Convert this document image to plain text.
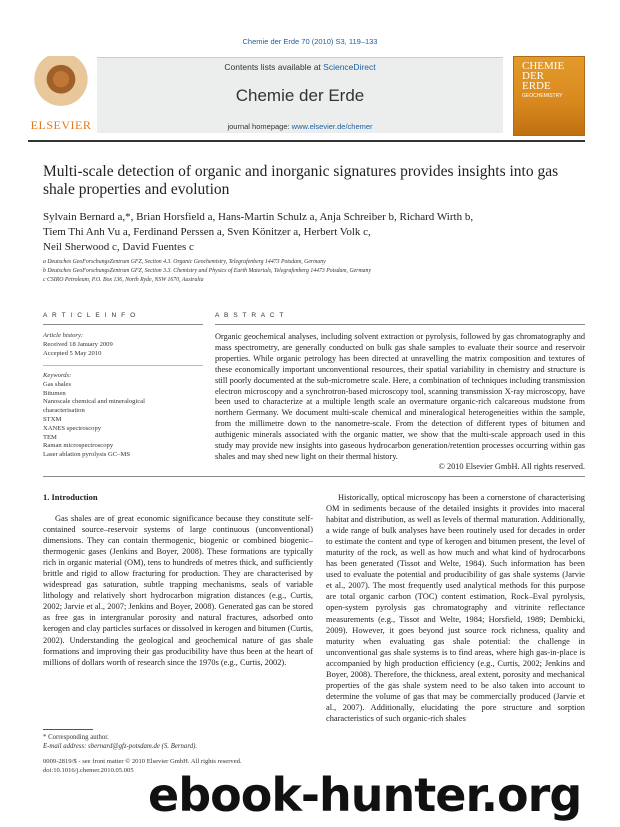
Chemie der Erde 70 (2010) S3, 119–133
Contents lists available at ScienceDirect
Chemie der Erde
journal homepage: www.elsevier.de/chemer
ELSEVIER
CHEMIE
DER
ERDE
GEOCHEMISTRY
Multi-scale detection of organic and inorganic signatures provides insights into gas shale properties and evolution
Sylvain Bernard a,*, Brian Horsfield a, Hans-Martin Schulz a, Anja Schreiber b, Richard Wirth b,
Tiem Thi Anh Vu a, Ferdinand Perssen a, Sven Könitzer a, Herbert Volk c,
Neil Sherwood c, David Fuentes c
a Deutsches GeoForschungsZentrum GFZ, Section 4.3. Organic Geochemistry, Telegrafenberg 14473 Potsdam, Germany
b Deutsches GeoForschungsZentrum GFZ, Section 3.3. Chemistry and Physics of Earth Materials, Telegrafenberg 14473 Potsdam, Germany
c CSIRO Petroleum, P.O. Box 136, North Ryde, NSW 1670, Australia
A R T I C L E I N F O
Article history:
Received 18 January 2009
Accepted 5 May 2010
Keywords:
Gas shales
Bitumen
Nanoscale chemical and mineralogical
characterisation
STXM
XANES spectroscopy
TEM
Raman microspectroscopy
Laser ablation pyrolysis GC–MS
A B S T R A C T
Organic geochemical analyses, including solvent extraction or pyrolysis, followed by gas chromatography and mass spectrometry, are generally conducted on bulk gas shale samples to evaluate their source and reservoir properties. While organic petrology has been directed at unravelling the matrix composition and textures of these economically important unconventional resources, their spatial variability in chemistry and structure is still poorly documented at the sub-micrometre scale. Here, a combination of techniques including transmission electron microscopy and a synchrotron-based microscopy tool, scanning transmission X-ray microscopy, have been used to characterize at a multiple length scale an overmature organic-rich calcareous mudstone from northern Germany. We document multi-scale chemical and mineralogical heterogeneities within the sample, from the millimetre down to the nanometre-scale. From the detection of different types of bitumen and authigenic minerals associated with the organic matter, we show that the multi-scale approach used in this study may provide new insights into gaseous hydrocarbon generation/retention processes occurring within gas shales and may shed new light on their thermal history.
© 2010 Elsevier GmbH. All rights reserved.
1. Introduction

Gas shales are of great economic significance because they constitute self-contained source–reservoir systems of large continuous (unconventional) dimensions. They can contain thermogenic, biogenic or combined biogenic–thermogenic gases (Jenkins and Boyer, 2008). These formations are typically rich in organic material (OM), tens to hundreds of metres thick, and sufficiently brittle and rigid to allow fracturing for production. They are characterised by widespread gas saturation, subtle trapping mechanisms, seals of variable lithology and relatively short hydrocarbon migration distances (e.g., Curtis, 2002; Jarvie et al., 2007; Jenkins and Boyer, 2008). Generated gas can be stored as free gas in intergranular porosity and natural fractures, adsorbed onto kerogen and clay particles surfaces or dissolved in kerogen and bitumen (Curtis, 2002). Understanding the geological and geochemical nature of gas shale formations and improving their gas producibility have thus been at the heart of millions of dollars worth of research since the 1970s (e.g., Curtis, 2002).

Historically, optical microscopy has been a cornerstone of characterising OM in sediments because of the detailed insights it provides into maceral habitat and distribution, as well as levels of thermal maturation. Additionally, a wide range of bulk analyses have been routinely used for decades in order to estimate the content and type of kerogen and bitumen present, the level of maturity of the rock, as well as how much and what kind of hydrocarbons has been generated (Tissot and Welte, 1984). Such information has been used to evaluate the potential and producibility of gas shale systems (Jarvie et al., 2007). The most frequently used analytical methods for this purpose are total organic carbon (TOC) content estimation, Rock–Eval pyrolysis, open-system pyrolysis gas chromatography and vitrinite reflectance measurements (e.g., Tissot and Welte, 1984; Horsfield, 1989; Dembicki, 2009). However, it goes beyond just source rock richness, quality and maturity when evaluating gas shale potential: the challenge in unconventional gas shale systems is to find areas, where high gas-in-place is accompanied by high production efficiency (e.g., Curtis, 2002; Jenkins and Boyer, 2008). Therefore, the thickness, areal extent, porosity and mechanical properties of the gas shale system need to be also taken into account to determine the volume of gas that may be commercially produced (Jarvie et al., 2007). Additionally, elucidating the pore structure and sorption characteristics of such organic-rich shales

* Corresponding author.
E-mail address: sbernard@gfz-potsdam.de (S. Bernard).
0009-2819/$ - see front matter © 2010 Elsevier GmbH. All rights reserved.
doi:10.1016/j.chemer.2010.05.005 ebook-hunter.org
